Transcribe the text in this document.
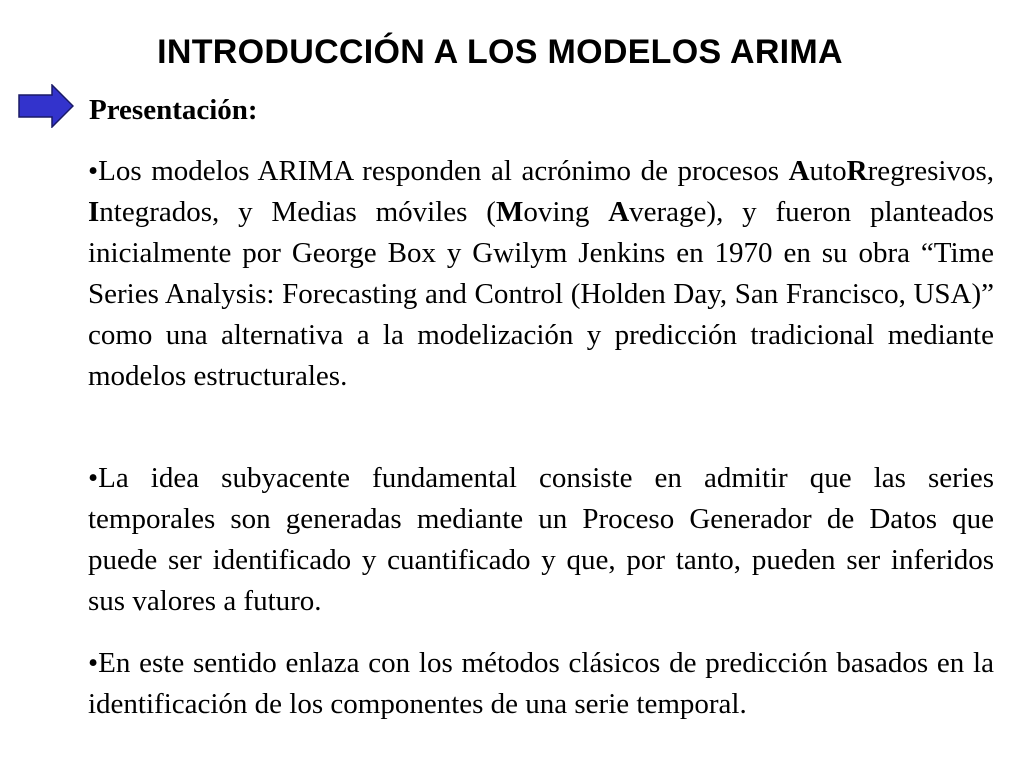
INTRODUCCIÓN A LOS MODELOS ARIMA
Presentación:

•Los modelos ARIMA responden al acrónimo de procesos AutoRregresivos, Integrados, y Medias móviles (Moving Average), y fueron planteados inicialmente por George Box y Gwilym Jenkins en 1970 en su obra “Time Series Analysis: Forecasting and Control (Holden Day, San Francisco, USA)” como una alternativa a la modelización y predicción tradicional mediante modelos estructurales.

•La idea subyacente fundamental consiste en admitir que las series temporales son generadas mediante un Proceso Generador de Datos que puede ser identificado y cuantificado y que, por tanto, pueden ser inferidos sus valores a futuro.

•En este sentido enlaza con los métodos clásicos de predicción basados en la identificación de los componentes de una serie temporal.
